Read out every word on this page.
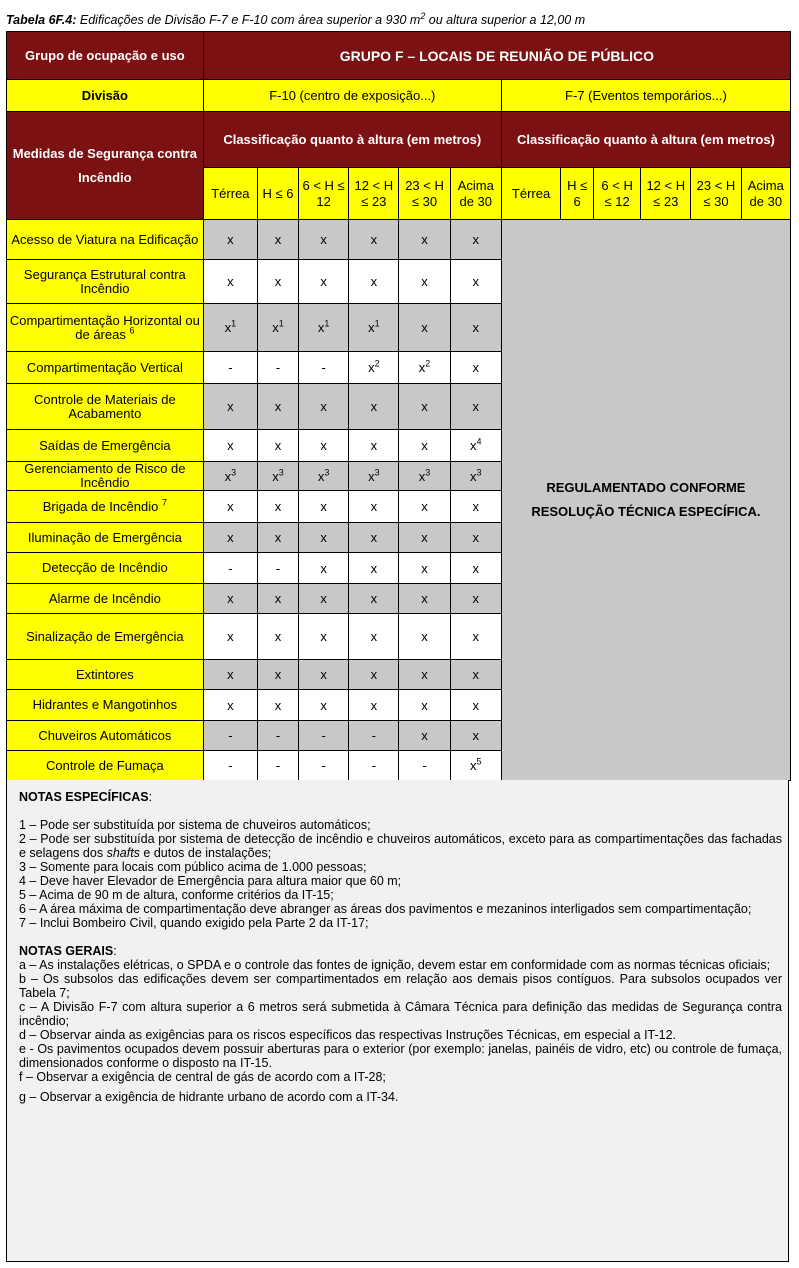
Tabela 6F.4: Edificações de Divisão F-7 e F-10 com área superior a 930 $m^2$ ou altura superior a 12,00 m
Grupo de ocupação e uso	GRUPO F – LOCAIS DE REUNIÃO DE PÚBLICO											
Divisão	F-10 (centro de exposição...)						F-7 (Eventos temporários...)					
Medidas de Segurança contra Incêndio	Classificação quanto à altura (em metros)						Classificação quanto à altura (em metros)					
	Térrea	H ≤ 6	6 < H ≤ 12	12 < H ≤ 23	23 < H ≤ 30	Acima de 30	Térrea	H ≤ 6	6 < H ≤ 12	12 < H ≤ 23	23 < H ≤ 30	Acima de 30
Acesso de Viatura na Edificação	x	x	x	x	x	x	REGULAMENTADO CONFORME
RESOLUÇÃO TÉCNICA ESPECÍFICA.					

Segurança Estrutural contra Incêndio	x	x	x	x	x	x						
Compartimentação Horizontal ou de áreas $^6$	$x^1$	$x^1$	$x^1$	$x^1$	x	x						
Compartimentação Vertical	-	-	-	$x^2$	$x^2$	x						
Controle de Materiais de Acabamento	x	x	x	x	x	x						
Saídas de Emergência	x	x	x	x	x	$x^4$
Gerenciamento de Risco de Incêndio	$x^3$	$x^3$	$x^3$	$x^3$	$x^3$	$x^3$
Brigada de Incêndio $^7$	x	x	x	x	x	x						
Iluminação de Emergência	x	x	x	x	x	x						
Detecção de Incêndio	-	-	x	x	x	x						
Alarme de Incêndio	x	x	x	x	x	x						
Sinalização de Emergência	x	x	x	x	x	x						
Extintores	x	x	x	x	x	x						
Hidrantes e Mangotinhos	x	x	x	x	x	x						
Chuveiros Automáticos	-	-	-	-	x	x						
Controle de Fumaça	-	-	-	-	-	$x^5$

NOTAS ESPECÍFICAS:

1 – Pode ser substituída por sistema de chuveiros automáticos;

2 – Pode ser substituída por sistema de detecção de incêndio e chuveiros automáticos, exceto para as compartimentações das fachadas e selagens dos shafts e dutos de instalações;

3 – Somente para locais com público acima de 1.000 pessoas;

4 – Deve haver Elevador de Emergência para altura maior que 60 m;

5 – Acima de 90 m de altura, conforme critérios da IT-15;

6 – A área máxima de compartimentação deve abranger as áreas dos pavimentos e mezaninos interligados sem compartimentação;

7 – Inclui Bombeiro Civil, quando exigido pela Parte 2 da IT-17;

NOTAS GERAIS:

a – As instalações elétricas, o SPDA e o controle das fontes de ignição, devem estar em conformidade com as normas técnicas oficiais;

b – Os subsolos das edificações devem ser compartimentados em relação aos demais pisos contíguos. Para subsolos ocupados ver Tabela 7;

c – A Divisão F-7 com altura superior a 6 metros será submetida à Câmara Técnica para definição das medidas de Segurança contra incêndio;

d – Observar ainda as exigências para os riscos específicos das respectivas Instruções Técnicas, em especial a IT-12.

e - Os pavimentos ocupados devem possuir aberturas para o exterior (por exemplo: janelas, painéis de vidro, etc) ou controle de fumaça, dimensionados conforme o disposto na IT-15.

f – Observar a exigência de central de gás de acordo com a IT-28;

g – Observar a exigência de hidrante urbano de acordo com a IT-34.
